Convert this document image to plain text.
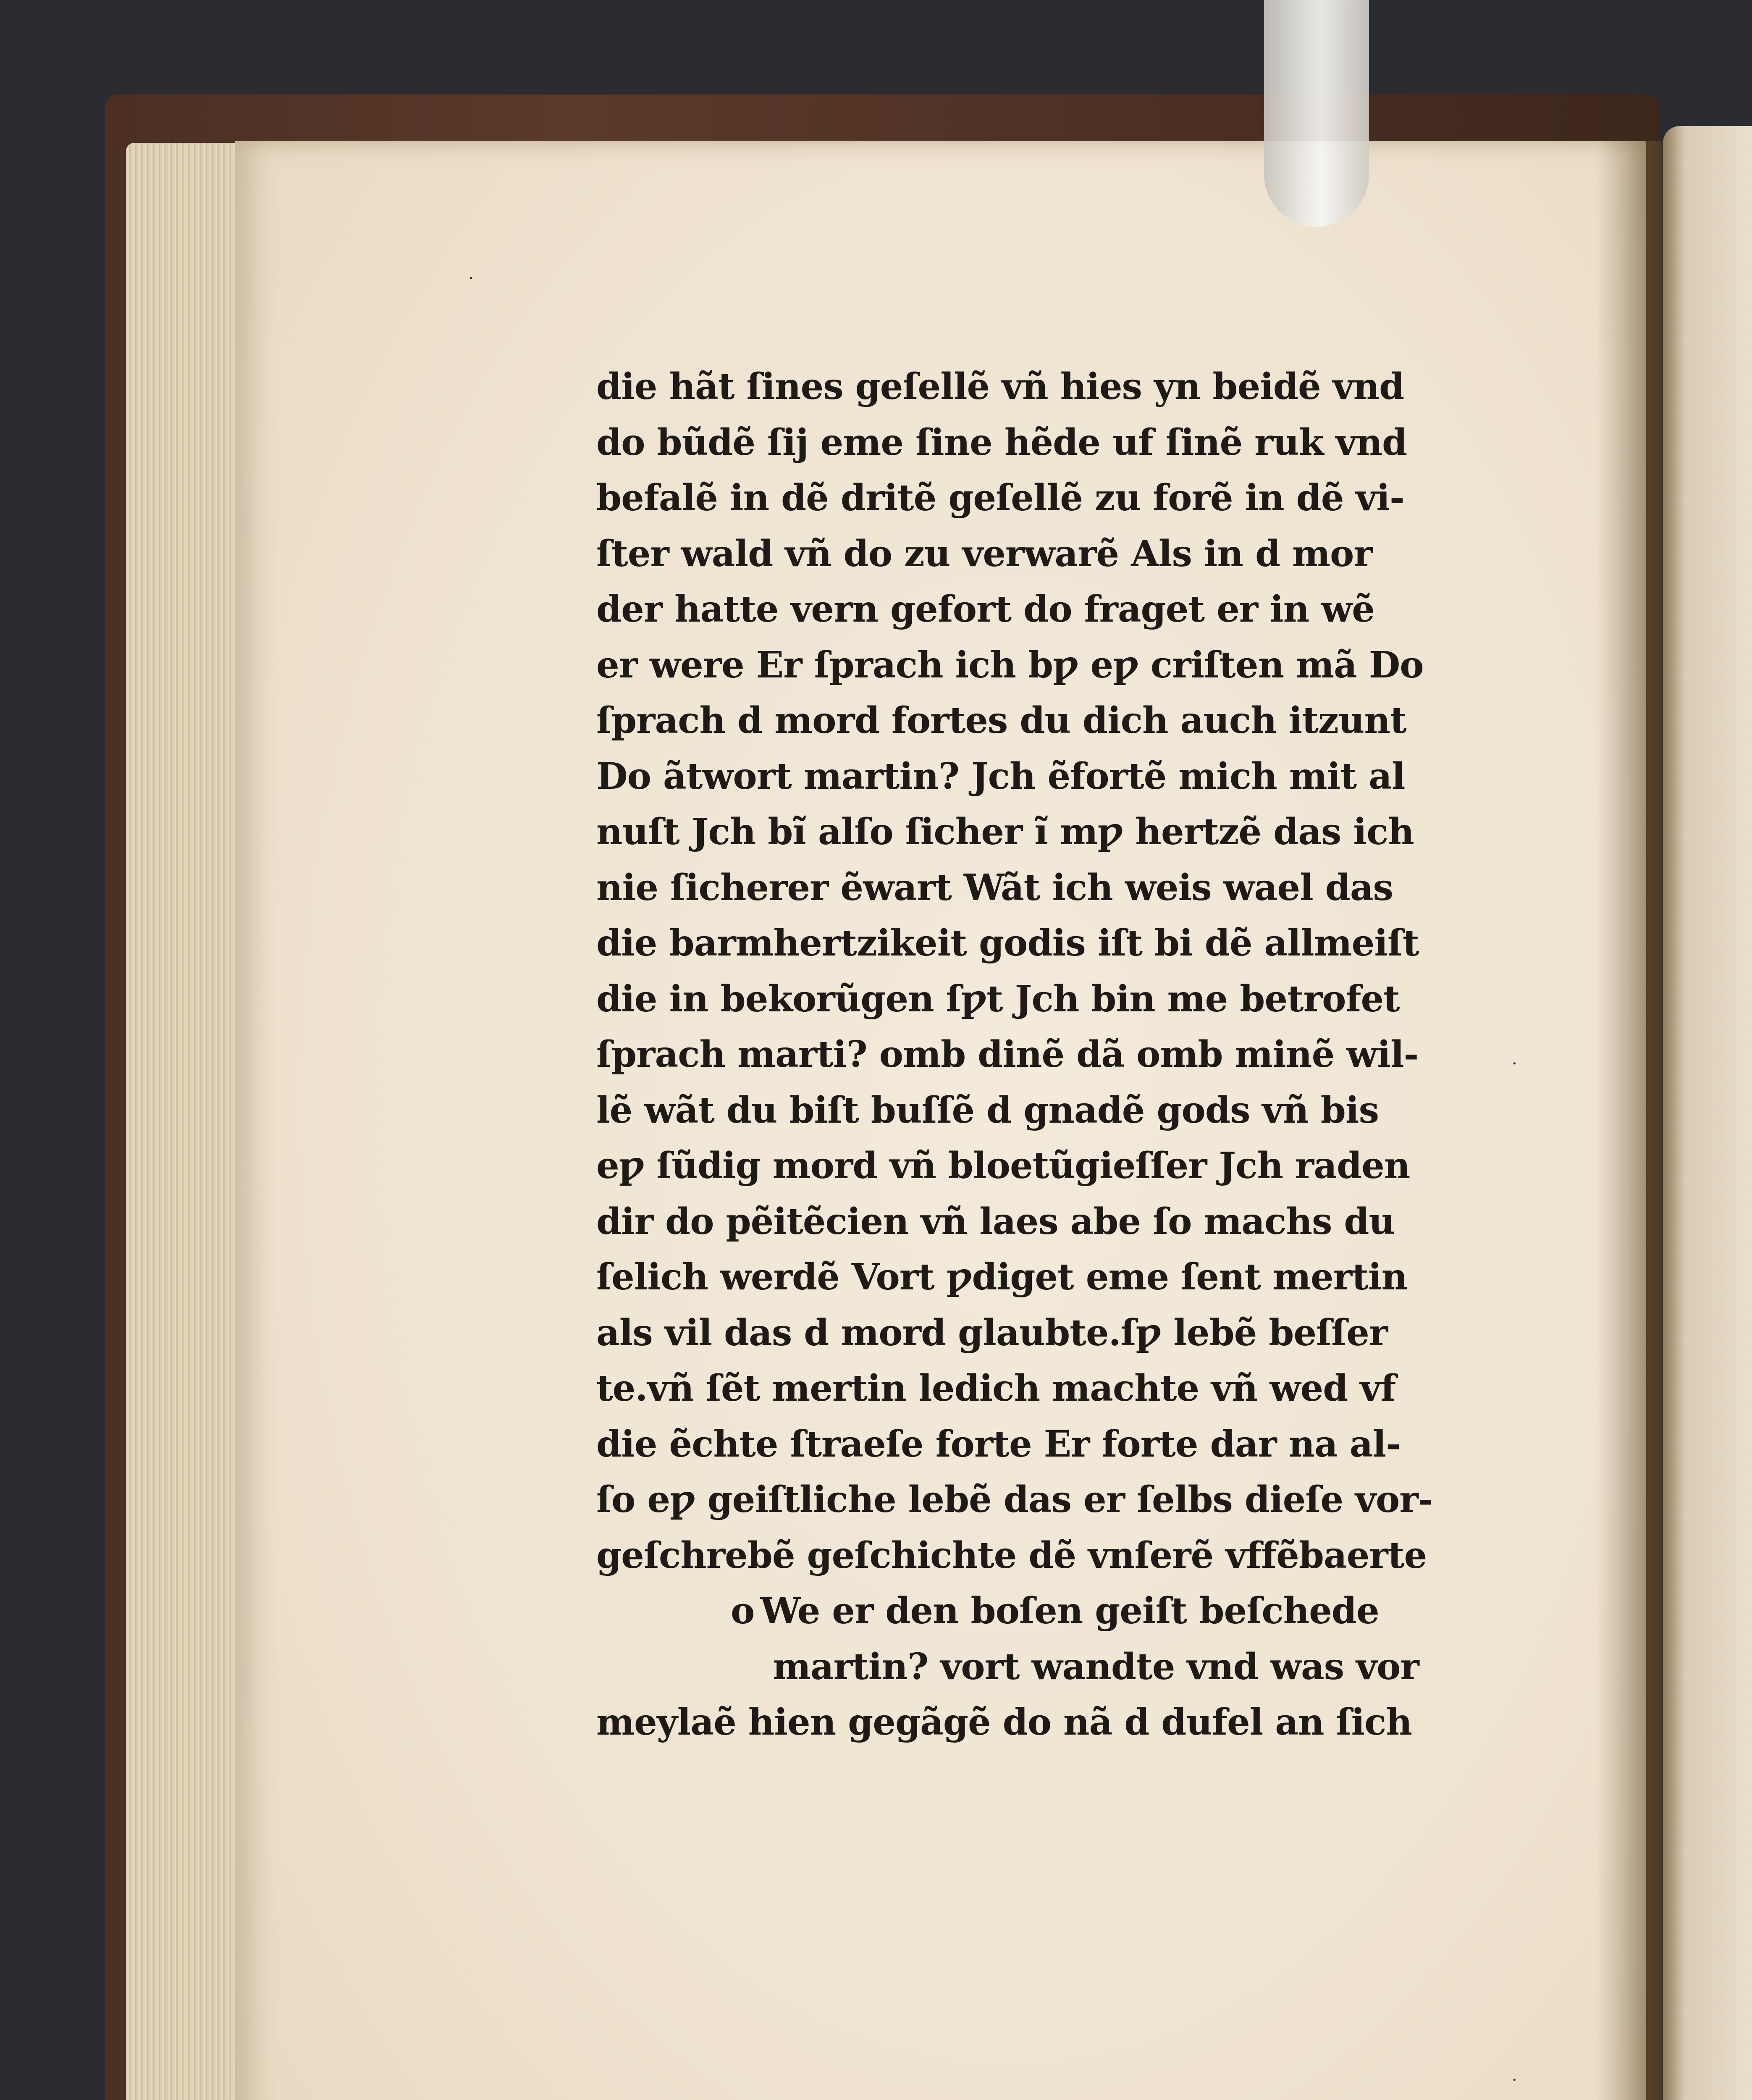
die hãt ſines geſellẽ vñ hies yn beidẽ vnd
do bũdẽ ſij eme ſine hẽde uf ſinẽ ruk vnd
befalẽ in dẽ dritẽ geſellẽ zu forẽ in dẽ vi-
ſter wald vñ do zu verwarẽ Als in d mor
der hatte vern gefort do fraget er in wẽ
er were Er ſprach ich bƿ eƿ criſten mã Do
ſprach d mord fortes du dich auch itzunt
Do ãtwort martin? Jch ẽfortẽ mich mit al
nuſt Jch bĩ alſo ſicher ĩ mƿ hertzẽ das ich
nie ſicherer ẽwart Wãt ich weis wael das
die barmhertzikeit godis iſt bi dẽ allmeiſt
die in bekorũgen ſƿt Jch bin me betrofet
ſprach marti? omb dinẽ dã omb minẽ wil-
lẽ wãt du biſt buſſẽ d gnadẽ gods vñ bis
eƿ ſũdig mord vñ bloetũgieſſer Jch raden
dir do pẽitẽcien vñ laes abe ſo machs du
ſelich werdẽ Vort ƿdiget eme ſent mertin
als vil das d mord glaubte.ſƿ lebẽ beſſer
te.vñ ſẽt mertin ledich machte vñ wed vf
die ẽchte ſtraeſe forte Er forte dar na al-
ſo eƿ geiſtliche lebẽ das er ſelbs dieſe vor-
geſchrebẽ geſchichte dẽ vnſerẽ vffẽbaerte
o We er den boſen geiſt beſchede
martin? vort wandte vnd was vor
meylaẽ hien gegãgẽ do nã d dufel an ſich
·
·
·
